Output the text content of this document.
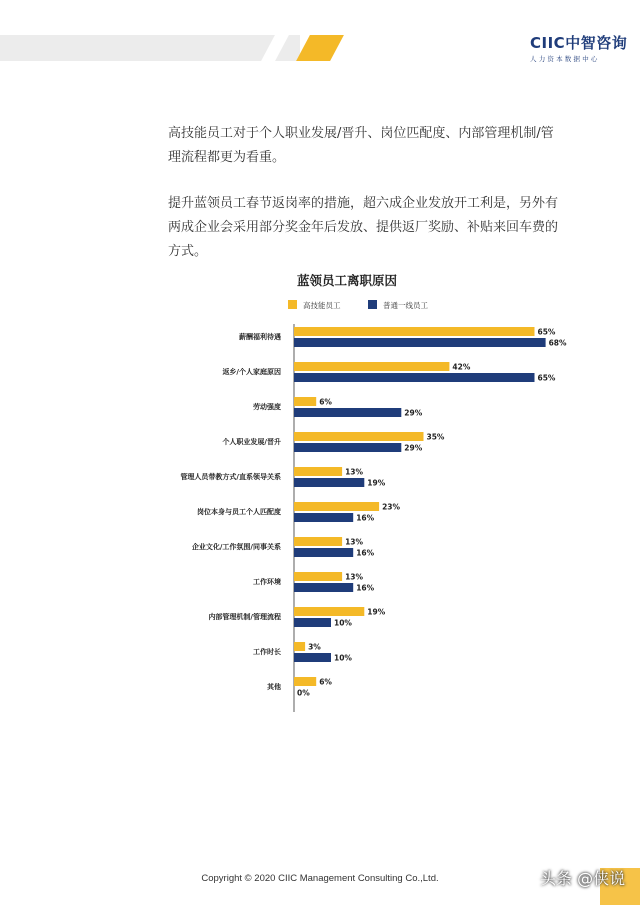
CIIC中智咨询
人力资本数据中心

高技能员工对于个人职业发展/晋升、岗位匹配度、内部管理机制/管理流程都更为看重。

提升蓝领员工春节返岗率的措施，超六成企业发放开工利是，另外有两成企业会采用部分奖金年后发放、提供返厂奖励、补贴来回车费的方式。

蓝领员工离职原因
高技能员工	普通一线员工
薪酬福利待遇
65%
68%
返乡/个人家庭原因
42%
65%
劳动强度
6%
29%
个人职业发展/晋升
35%
29%
管理人员带教方式/直系领导关系
13%
19%
岗位本身与员工个人匹配度
23%
16%
企业文化/工作氛围/同事关系
13%
16%
工作环境
13%
16%
内部管理机制/管理流程
19%
10%
工作时长
3%
10%
其他
6%
0%
Copyright © 2020 CIIC Management Consulting Co.,Ltd.	头条 @侠说
